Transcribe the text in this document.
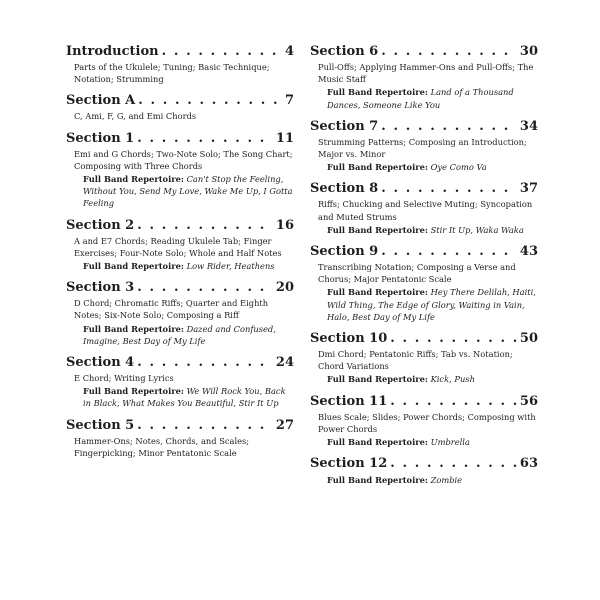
Introduction . . .	4
Parts of the Ukulele; Tuning; Basic Technique; Notation; Strumming
Section A . . .	7
C, Ami, F, G, and Emi Chords
Section 1 . . .	11
Emi and G Chords; Two-Note Solo; The Song Chart; Composing with Three Chords
Full Band Repertoire: Can't Stop the Feeling, Without You, Send My Love, Wake Me Up, I Gotta Feeling
Section 2 . . .	16
A and E7 Chords; Reading Ukulele Tab; Finger Exercises; Four-Note Solo; Whole and Half Notes
Full Band Repertoire: Low Rider, Heathens
Section 3 . . .	20
D Chord; Chromatic Riffs; Quarter and Eighth Notes; Six-Note Solo; Composing a Riff
Full Band Repertoire: Dazed and Confused, Imagine, Best Day of My Life
Section 4 . . .	24
E Chord; Writing Lyrics
Full Band Repertoire: We Will Rock You, Back in Black, What Makes You Beautiful, Stir It Up
Section 5 . . .	27
Hammer-Ons; Notes, Chords, and Scales; Fingerpicking; Minor Pentatonic Scale
Section 6 . . .	30
Pull-Offs; Applying Hammer-Ons and Pull-Offs; The Music Staff
Full Band Repertoire: Land of a Thousand Dances, Someone Like You
Section 7 . . .	34
Strumming Patterns; Composing an Introduction; Major vs. Minor
Full Band Repertoire: Oye Como Va
Section 8 . . .	37
Riffs; Chucking and Selective Muting; Syncopation and Muted Strums
Full Band Repertoire: Stir It Up, Waka Waka
Section 9 . . .	43
Transcribing Notation; Composing a Verse and Chorus; Major Pentatonic Scale
Full Band Repertoire: Hey There Delilah, Haiti, Wild Thing, The Edge of Glory, Waiting in Vain, Halo, Best Day of My Life
Section 10 . . .	50
Dmi Chord; Pentatonic Riffs; Tab vs. Notation; Chord Variations
Full Band Repertoire: Kick, Push
Section 11 . . .	56
Blues Scale; Slides; Power Chords; Composing with Power Chords
Full Band Repertoire: Umbrella
Section 12 . . .	63
Full Band Repertoire: Zombie
